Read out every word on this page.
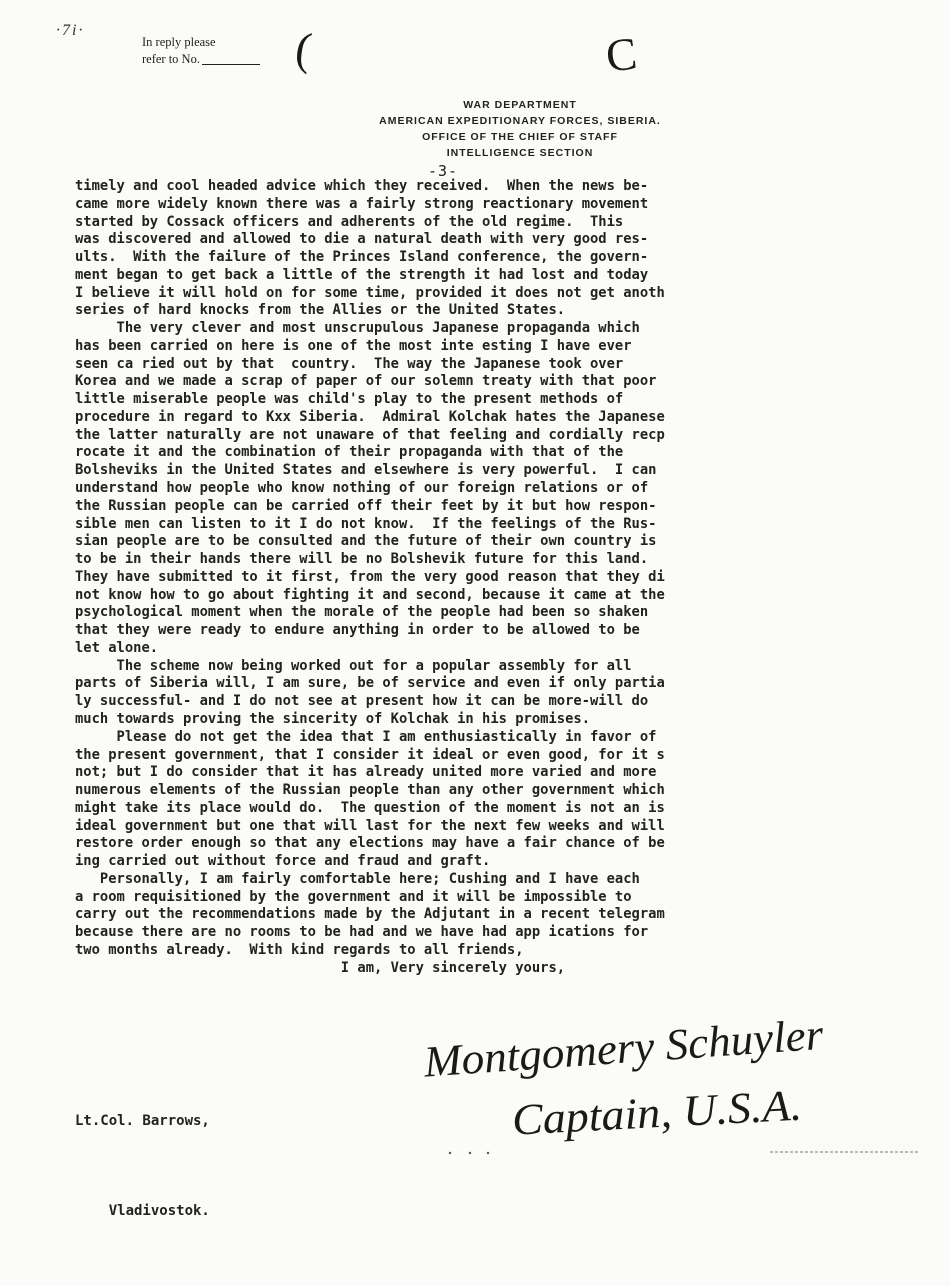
·7i·
In reply please
refer to No.	(	C
WAR DEPARTMENT
AMERICAN EXPEDITIONARY FORCES, SIBERIA.
OFFICE OF THE CHIEF OF STAFF
INTELLIGENCE SECTION
-3-
timely and cool headed advice which they received.  When the news be-
came more widely known there was a fairly strong reactionary movement
started by Cossack officers and adherents of the old regime.  This
was discovered and allowed to die a natural death with very good res-
ults.  With the failure of the Princes Island conference, the govern-
ment began to get back a little of the strength it had lost and today
I believe it will hold on for some time, provided it does not get anoth
series of hard knocks from the Allies or the United States.
The very clever and most unscrupulous Japanese propaganda which
has been carried on here is one of the most inte esting I have ever
seen ca ried out by that  country.  The way the Japanese took over
Korea and we made a scrap of paper of our solemn treaty with that poor
little miserable people was child's play to the present methods of
procedure in regard to Kxx Siberia.  Admiral Kolchak hates the Japanese
the latter naturally are not unaware of that feeling and cordially recp
rocate it and the combination of their propaganda with that of the
Bolsheviks in the United States and elsewhere is very powerful.  I can
understand how people who know nothing of our foreign relations or of
the Russian people can be carried off their feet by it but how respon-
sible men can listen to it I do not know.  If the feelings of the Rus-
sian people are to be consulted and the future of their own country is
to be in their hands there will be no Bolshevik future for this land.
They have submitted to it first, from the very good reason that they di
not know how to go about fighting it and second, because it came at the
psychological moment when the morale of the people had been so shaken
that they were ready to endure anything in order to be allowed to be
let alone.
The scheme now being worked out for a popular assembly for all
parts of Siberia will, I am sure, be of service and even if only partia
ly successful- and I do not see at present how it can be more-will do
much towards proving the sincerity of Kolchak in his promises.
Please do not get the idea that I am enthusiastically in favor of
the present government, that I consider it ideal or even good, for it s
not; but I do consider that it has already united more varied and more
numerous elements of the Russian people than any other government which
might take its place would do.  The question of the moment is not an is
ideal government but one that will last for the next few weeks and will
restore order enough so that any elections may have a fair chance of be
ing carried out without force and fraud and graft.
Personally, I am fairly comfortable here; Cushing and I have each
a room requisitioned by the government and it will be impossible to
carry out the recommendations made by the Adjutant in a recent telegram
because there are no rooms to be had and we have had app ications for
two months already.  With kind regards to all friends,
I am, Very sincerely yours,

Lt.Col. Barrows,

Vladivostok.

Montgomery Schuyler
Captain, U.S.A.
